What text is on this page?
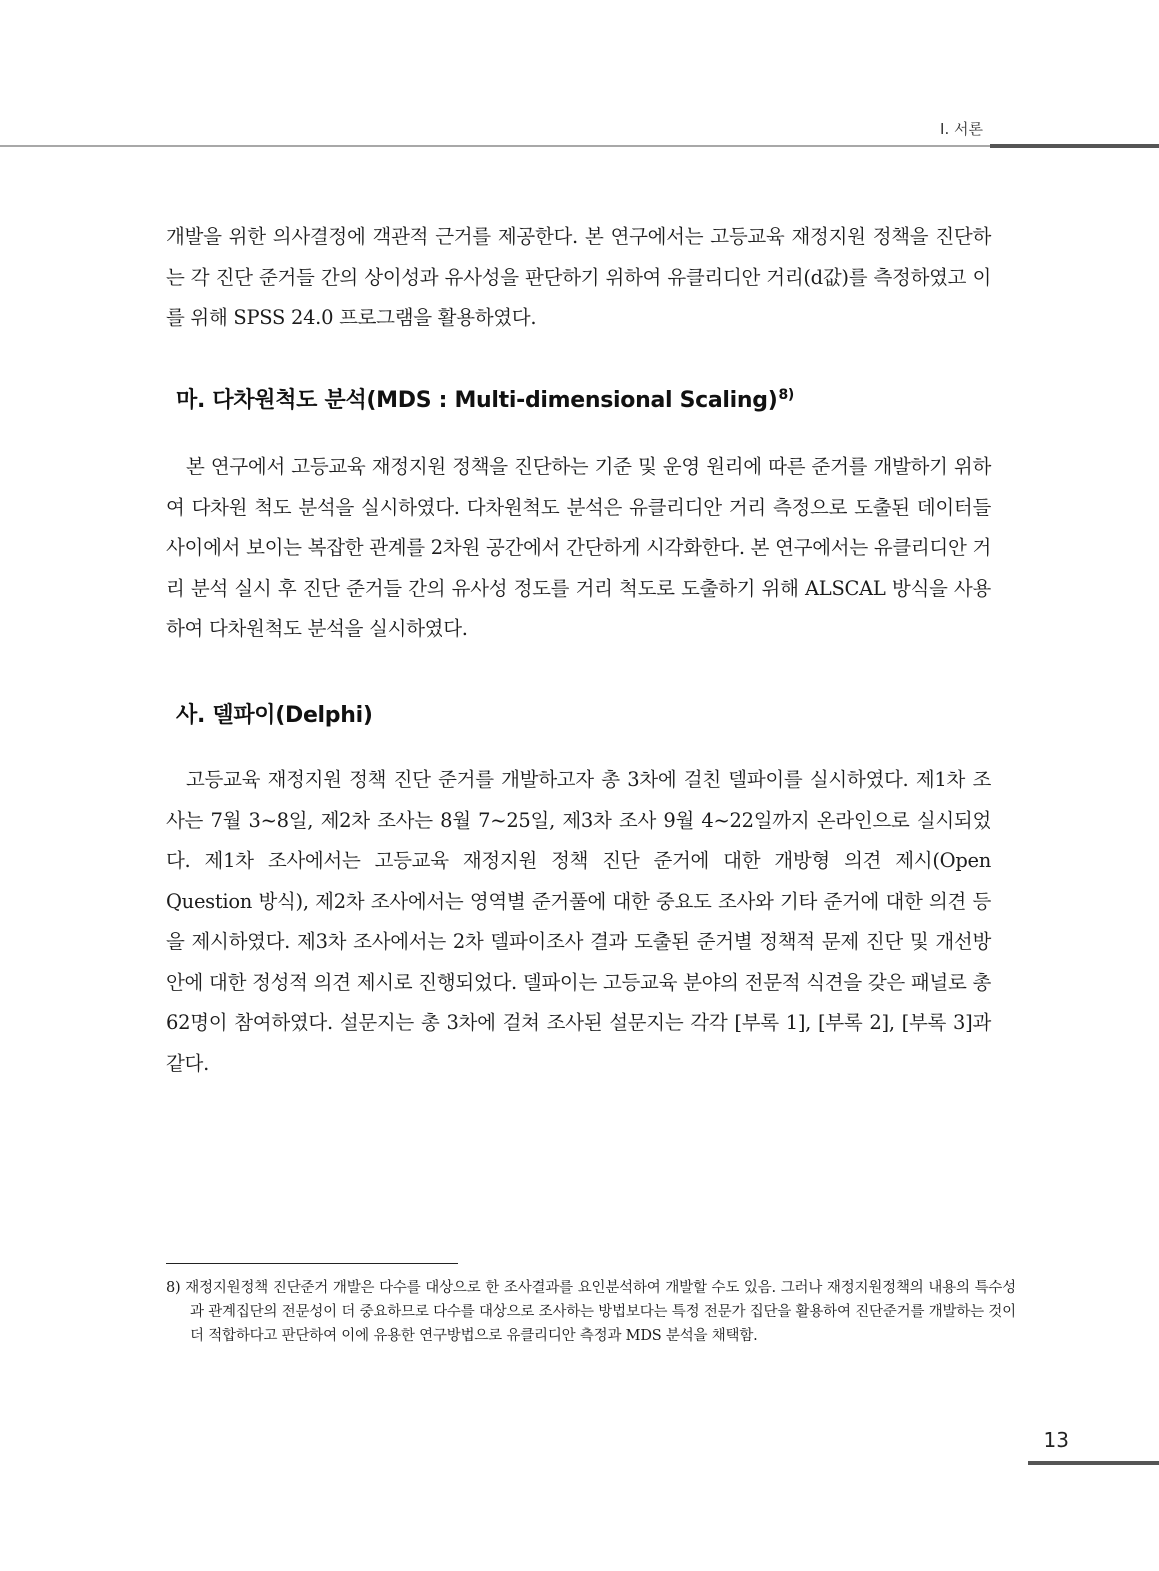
Ⅰ. 서론

개발을 위한 의사결정에 객관적 근거를 제공한다. 본 연구에서는 고등교육 재정지원 정책을 진단하는 각 진단 준거들 간의 상이성과 유사성을 판단하기 위하여 유클리디안 거리(d값)를 측정하였고 이를 위해 SPSS 24.0 프로그램을 활용하였다.

마. 다차원척도 분석(MDS : Multi-dimensional Scaling)$^{8)}$

본 연구에서 고등교육 재정지원 정책을 진단하는 기준 및 운영 원리에 따른 준거를 개발하기 위하여 다차원 척도 분석을 실시하였다. 다차원척도 분석은 유클리디안 거리 측정으로 도출된 데이터들 사이에서 보이는 복잡한 관계를 2차원 공간에서 간단하게 시각화한다. 본 연구에서는 유클리디안 거리 분석 실시 후 진단 준거들 간의 유사성 정도를 거리 척도로 도출하기 위해 ALSCAL 방식을 사용하여 다차원척도 분석을 실시하였다.

사. 델파이(Delphi)

고등교육 재정지원 정책 진단 준거를 개발하고자 총 3차에 걸친 델파이를 실시하였다. 제1차 조사는 7월 3~8일, 제2차 조사는 8월 7~25일, 제3차 조사 9월 4~22일까지 온라인으로 실시되었다. 제1차 조사에서는 고등교육 재정지원 정책 진단 준거에 대한 개방형 의견 제시(Open Question 방식), 제2차 조사에서는 영역별 준거풀에 대한 중요도 조사와 기타 준거에 대한 의견 등을 제시하였다. 제3차 조사에서는 2차 델파이조사 결과 도출된 준거별 정책적 문제 진단 및 개선방안에 대한 정성적 의견 제시로 진행되었다. 델파이는 고등교육 분야의 전문적 식견을 갖은 패널로 총 62명이 참여하였다. 설문지는 총 3차에 걸쳐 조사된 설문지는 각각 [부록 1], [부록 2], [부록 3]과 같다.

8) 재정지원정책 진단준거 개발은 다수를 대상으로 한 조사결과를 요인분석하여 개발할 수도 있음. 그러나 재정지원정책의 내용의 특수성과 관계집단의 전문성이 더 중요하므로 다수를 대상으로 조사하는 방법보다는 특정 전문가 집단을 활용하여 진단준거를 개발하는 것이 더 적합하다고 판단하여 이에 유용한 연구방법으로 유클리디안 측정과 MDS 분석을 채택함.

13
